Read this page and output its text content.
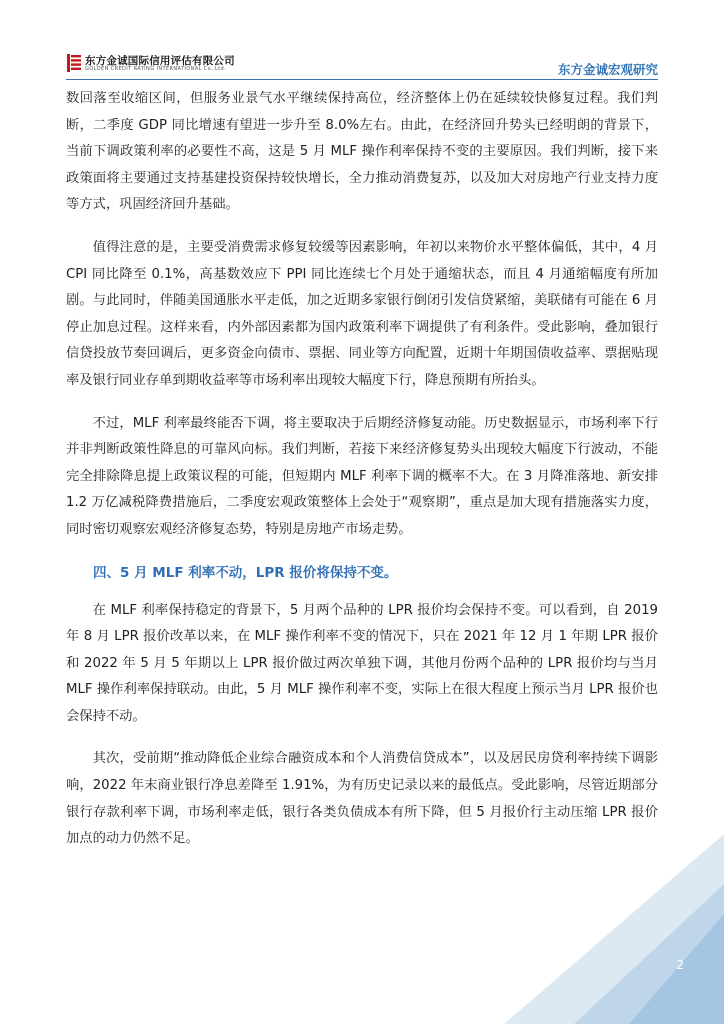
东方金诚国际信用评估有限公司
GOLDEN CREDIT RATING INTERNATIONAL Co.,Ltd.	东方金诚宏观研究

数回落至收缩区间，但服务业景气水平继续保持高位，经济整体上仍在延续较快修复过程。我们判断，二季度 GDP 同比增速有望进一步升至 8.0%左右。由此，在经济回升势头已经明朗的背景下，当前下调政策利率的必要性不高，这是 5 月 MLF 操作利率保持不变的主要原因。我们判断，接下来政策面将主要通过支持基建投资保持较快增长，全力推动消费复苏，以及加大对房地产行业支持力度等方式，巩固经济回升基础。

值得注意的是，主要受消费需求修复较缓等因素影响，年初以来物价水平整体偏低，其中，4 月 CPI 同比降至 0.1%，高基数效应下 PPI 同比连续七个月处于通缩状态，而且 4 月通缩幅度有所加剧。与此同时，伴随美国通胀水平走低，加之近期多家银行倒闭引发信贷紧缩，美联储有可能在 6 月停止加息过程。这样来看，内外部因素都为国内政策利率下调提供了有利条件。受此影响，叠加银行信贷投放节奏回调后，更多资金向债市、票据、同业等方向配置，近期十年期国债收益率、票据贴现率及银行同业存单到期收益率等市场利率出现较大幅度下行，降息预期有所抬头。

不过，MLF 利率最终能否下调，将主要取决于后期经济修复动能。历史数据显示，市场利率下行并非判断政策性降息的可靠风向标。我们判断，若接下来经济修复势头出现较大幅度下行波动，不能完全排除降息提上政策议程的可能，但短期内 MLF 利率下调的概率不大。在 3 月降准落地、新安排 1.2 万亿减税降费措施后，二季度宏观政策整体上会处于“观察期”，重点是加大现有措施落实力度，同时密切观察宏观经济修复态势，特别是房地产市场走势。

四、5 月 MLF 利率不动，LPR 报价将保持不变。

在 MLF 利率保持稳定的背景下，5 月两个品种的 LPR 报价均会保持不变。可以看到，自 2019 年 8 月 LPR 报价改革以来，在 MLF 操作利率不变的情况下，只在 2021 年 12 月 1 年期 LPR 报价和 2022 年 5 月 5 年期以上 LPR 报价做过两次单独下调，其他月份两个品种的 LPR 报价均与当月 MLF 操作利率保持联动。由此，5 月 MLF 操作利率不变，实际上在很大程度上预示当月 LPR 报价也会保持不动。

其次，受前期“推动降低企业综合融资成本和个人消费信贷成本”，以及居民房贷利率持续下调影响，2022 年末商业银行净息差降至 1.91%，为有历史记录以来的最低点。受此影响，尽管近期部分银行存款利率下调，市场利率走低，银行各类负债成本有所下降，但 5 月报价行主动压缩 LPR 报价加点的动力仍然不足。

2
